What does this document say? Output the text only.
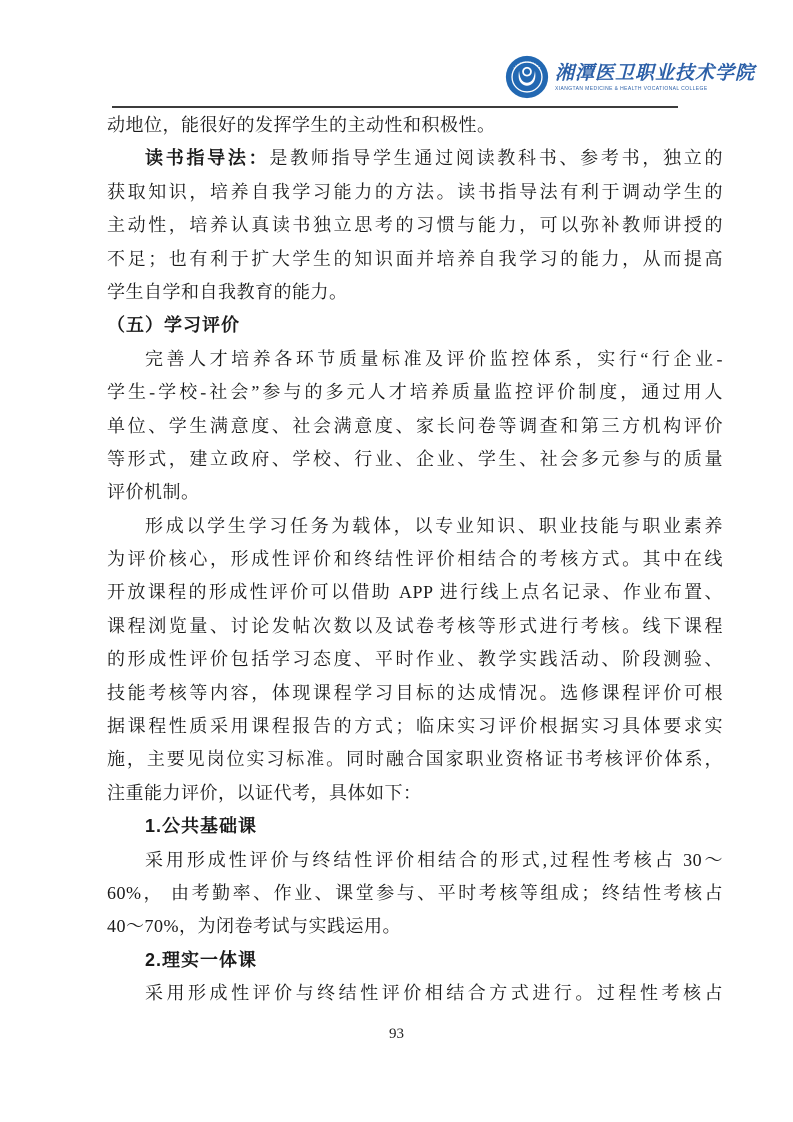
湘潭医卫职业技术学院
XIANGTAN MEDICINE & HEALTH VOCATIONAL COLLEGE
动地位，能很好的发挥学生的主动性和积极性。
读书指导法：是教师指导学生通过阅读教科书、参考书，独立的
获取知识，培养自我学习能力的方法。读书指导法有利于调动学生的
主动性，培养认真读书独立思考的习惯与能力，可以弥补教师讲授的
不足；也有利于扩大学生的知识面并培养自我学习的能力，从而提高
学生自学和自我教育的能力。
（五）学习评价
完善人才培养各环节质量标准及评价监控体系，实行“行企业-
学生-学校-社会”参与的多元人才培养质量监控评价制度，通过用人
单位、学生满意度、社会满意度、家长问卷等调查和第三方机构评价
等形式，建立政府、学校、行业、企业、学生、社会多元参与的质量
评价机制。
形成以学生学习任务为载体，以专业知识、职业技能与职业素养
为评价核心，形成性评价和终结性评价相结合的考核方式。其中在线
开放课程的形成性评价可以借助 APP 进行线上点名记录、作业布置、
课程浏览量、讨论发帖次数以及试卷考核等形式进行考核。线下课程
的形成性评价包括学习态度、平时作业、教学实践活动、阶段测验、
技能考核等内容，体现课程学习目标的达成情况。选修课程评价可根
据课程性质采用课程报告的方式；临床实习评价根据实习具体要求实
施，主要见岗位实习标准。同时融合国家职业资格证书考核评价体系，
注重能力评价，以证代考，具体如下：
1.公共基础课
采用形成性评价与终结性评价相结合的形式,过程性考核占 30～
60%， 由考勤率、作业、课堂参与、平时考核等组成；终结性考核占
40～70%，为闭卷考试与实践运用。
2.理实一体课
采用形成性评价与终结性评价相结合方式进行。过程性考核占
93
